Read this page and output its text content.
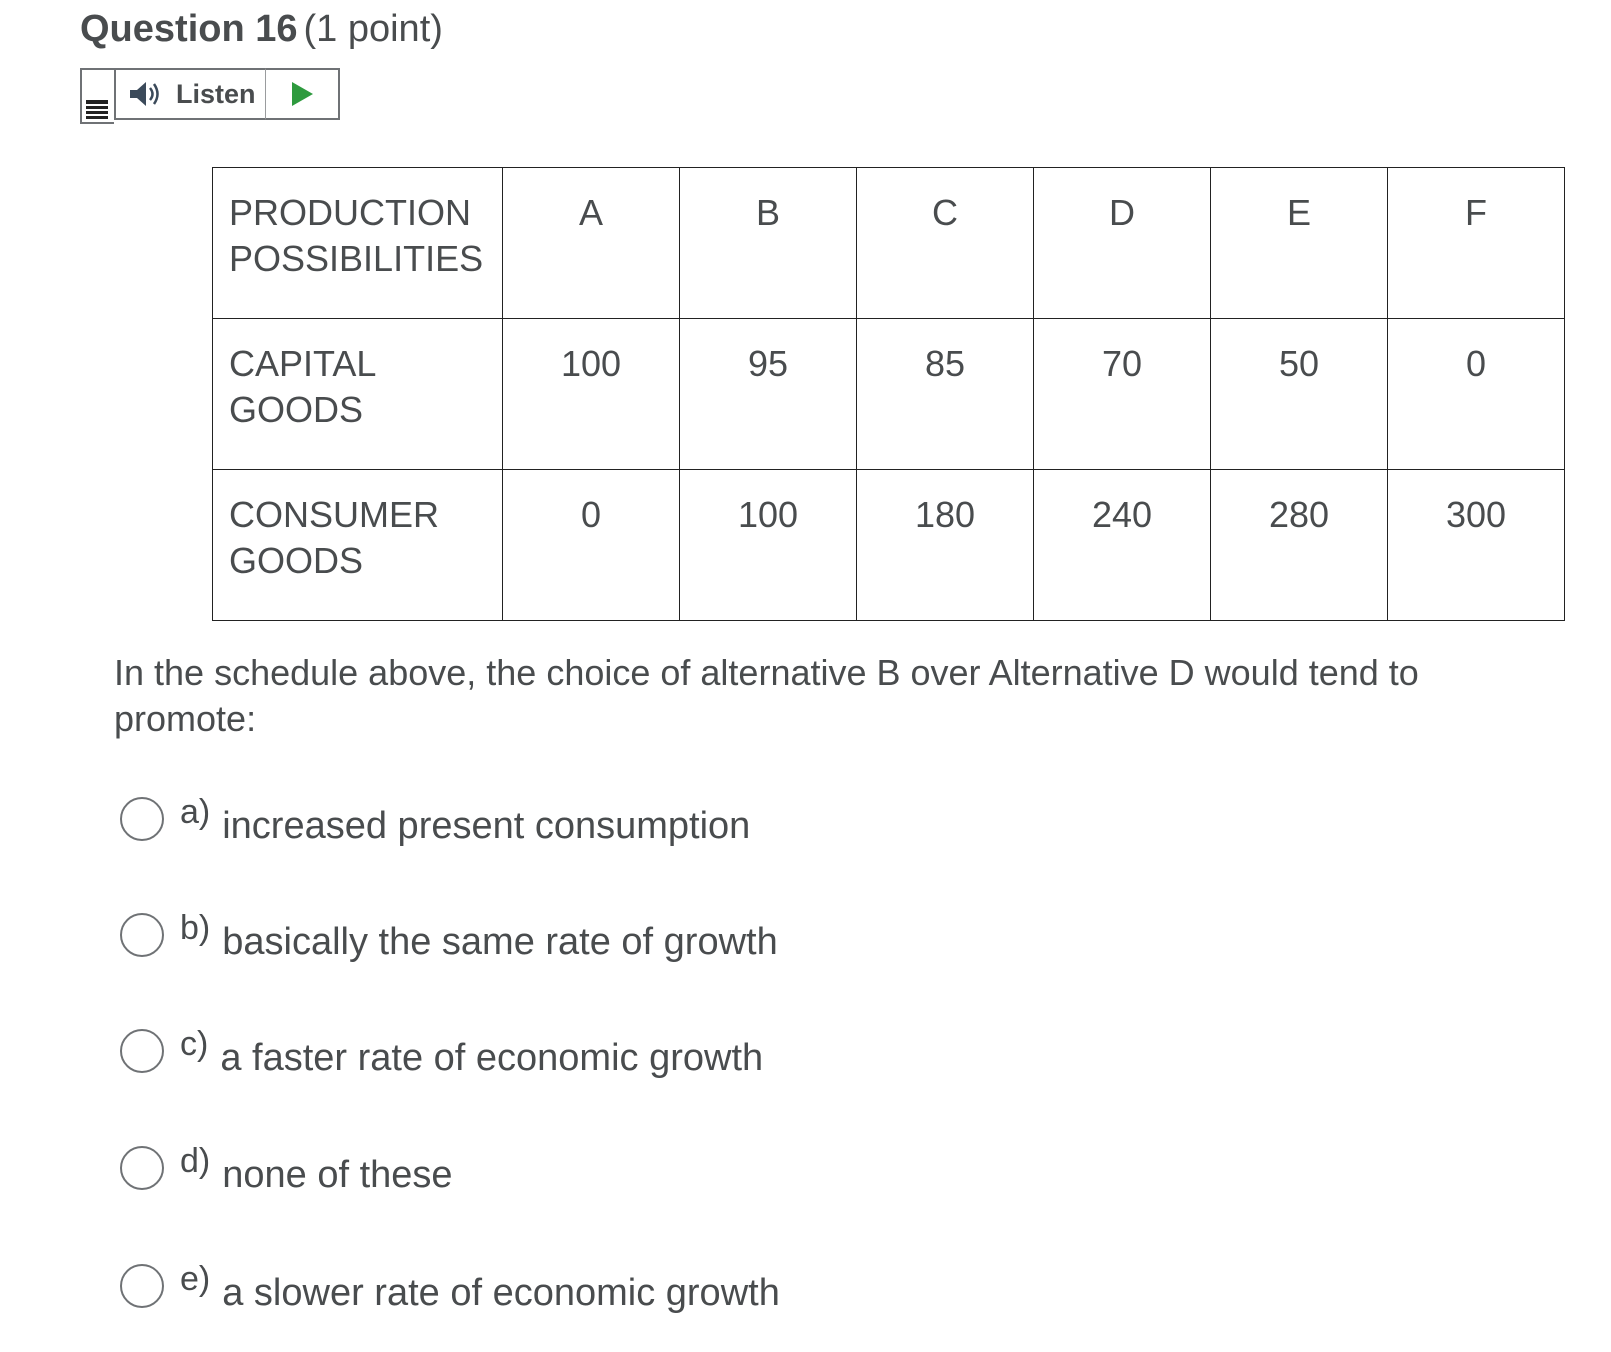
Question 16 (1 point)
Listen
PRODUCTION POSSIBILITIES	A	B	C	D	E	F
CAPITAL GOODS	100	95	85	70	50	0
CONSUMER GOODS	0	100	180	240	280	300
In the schedule above, the choice of alternative B over Alternative D would tend to promote:
a) increased present consumption
b) basically the same rate of growth
c) a faster rate of economic growth
d) none of these
e) a slower rate of economic growth
